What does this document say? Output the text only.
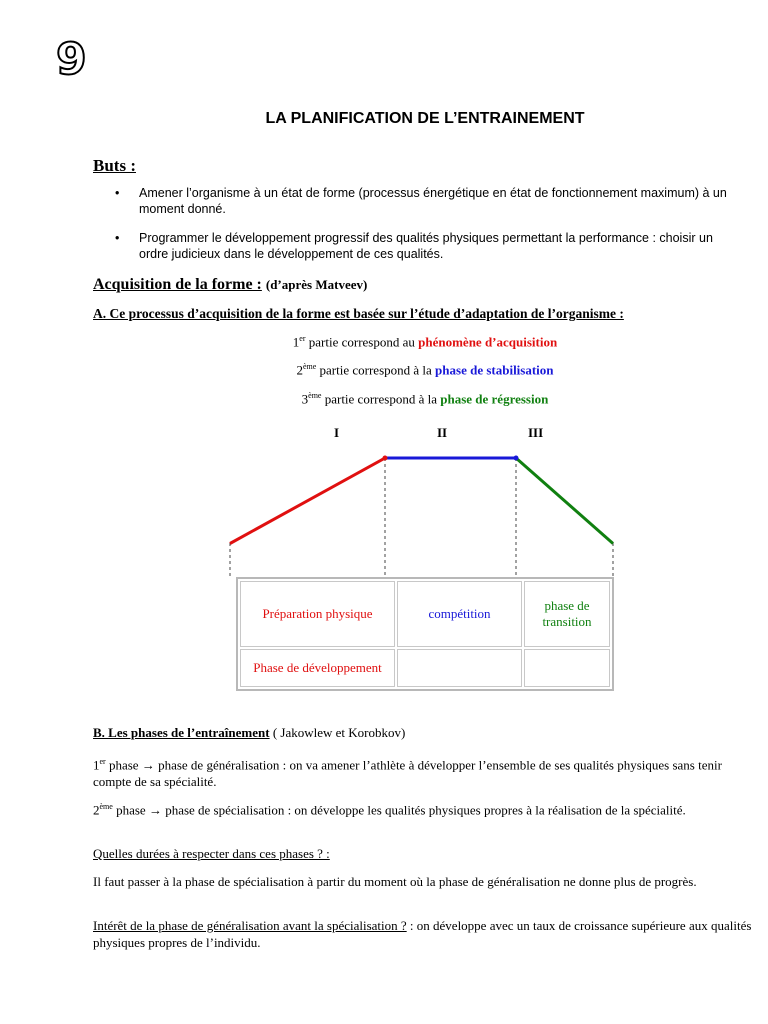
9
LA PLANIFICATION DE L’ENTRAINEMENT
Buts :
• Amener l’organisme à un état de forme (processus énergétique en état de fonctionnement maximum) à un moment donné.
• Programmer le développement progressif des qualités physiques permettant la performance : choisir un ordre judicieux dans le développement de ces qualités.
Acquisition de la forme : (d’après Matveev)
A. Ce processus d’acquisition de la forme est basée sur l’étude d’adaptation de l’organisme :
1er partie correspond au phénomène d’acquisition
2ème partie correspond à la phase de stabilisation
3ème partie correspond à la phase de régression
I	II	III
Préparation physique	compétition	phase de transition
Phase de développement		
B. Les phases de l’entraînement ( Jakowlew et Korobkov)
1er phase → phase de généralisation : on va amener l’athlète à développer l’ensemble de ses qualités physiques sans tenir compte de sa spécialité.
2ème phase → phase de spécialisation : on développe les qualités physiques propres à la réalisation de la spécialité.
Quelles durées à respecter dans ces phases ? :
Il faut passer à la phase de spécialisation à partir du moment où la phase de généralisation ne donne plus de progrès.
Intérêt de la phase de généralisation avant la spécialisation ? : on développe avec un taux de croissance supérieure aux qualités physiques propres de l’individu.
